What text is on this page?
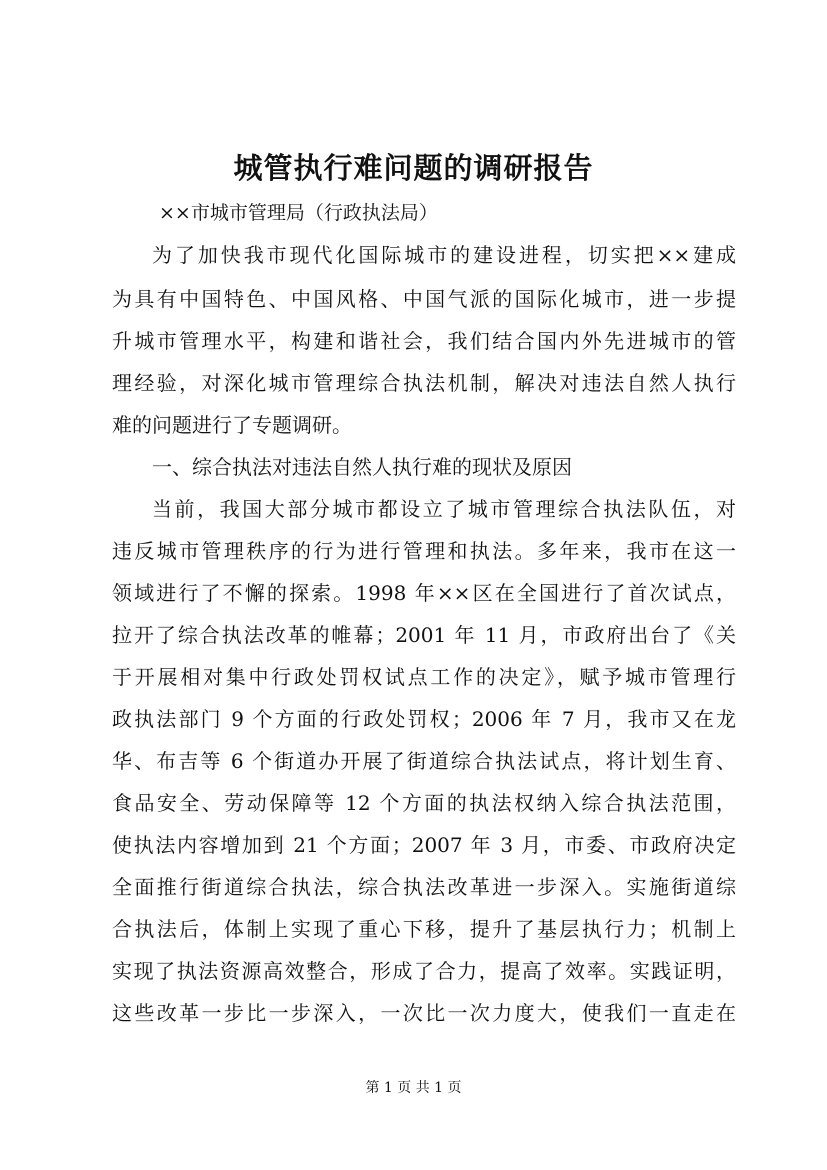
城管执行难问题的调研报告

××市城市管理局（行政执法局）

为了加快我市现代化国际城市的建设进程，切实把××建成

为具有中国特色、中国风格、中国气派的国际化城市，进一步提

升城市管理水平，构建和谐社会，我们结合国内外先进城市的管

理经验，对深化城市管理综合执法机制，解决对违法自然人执行

难的问题进行了专题调研。

一、综合执法对违法自然人执行难的现状及原因

当前，我国大部分城市都设立了城市管理综合执法队伍，对

违反城市管理秩序的行为进行管理和执法。多年来，我市在这一

领域进行了不懈的探索。1998 年××区在全国进行了首次试点，

拉开了综合执法改革的帷幕；2001 年 11 月，市政府出台了《关

于开展相对集中行政处罚权试点工作的决定》，赋予城市管理行

政执法部门 9 个方面的行政处罚权；2006 年 7 月，我市又在龙

华、布吉等 6 个街道办开展了街道综合执法试点，将计划生育、

食品安全、劳动保障等 12 个方面的执法权纳入综合执法范围，

使执法内容增加到 21 个方面；2007 年 3 月，市委、市政府决定

全面推行街道综合执法，综合执法改革进一步深入。实施街道综

合执法后，体制上实现了重心下移，提升了基层执行力；机制上

实现了执法资源高效整合，形成了合力，提高了效率。实践证明，

这些改革一步比一步深入，一次比一次力度大，使我们一直走在

第 1 页 共 1 页
